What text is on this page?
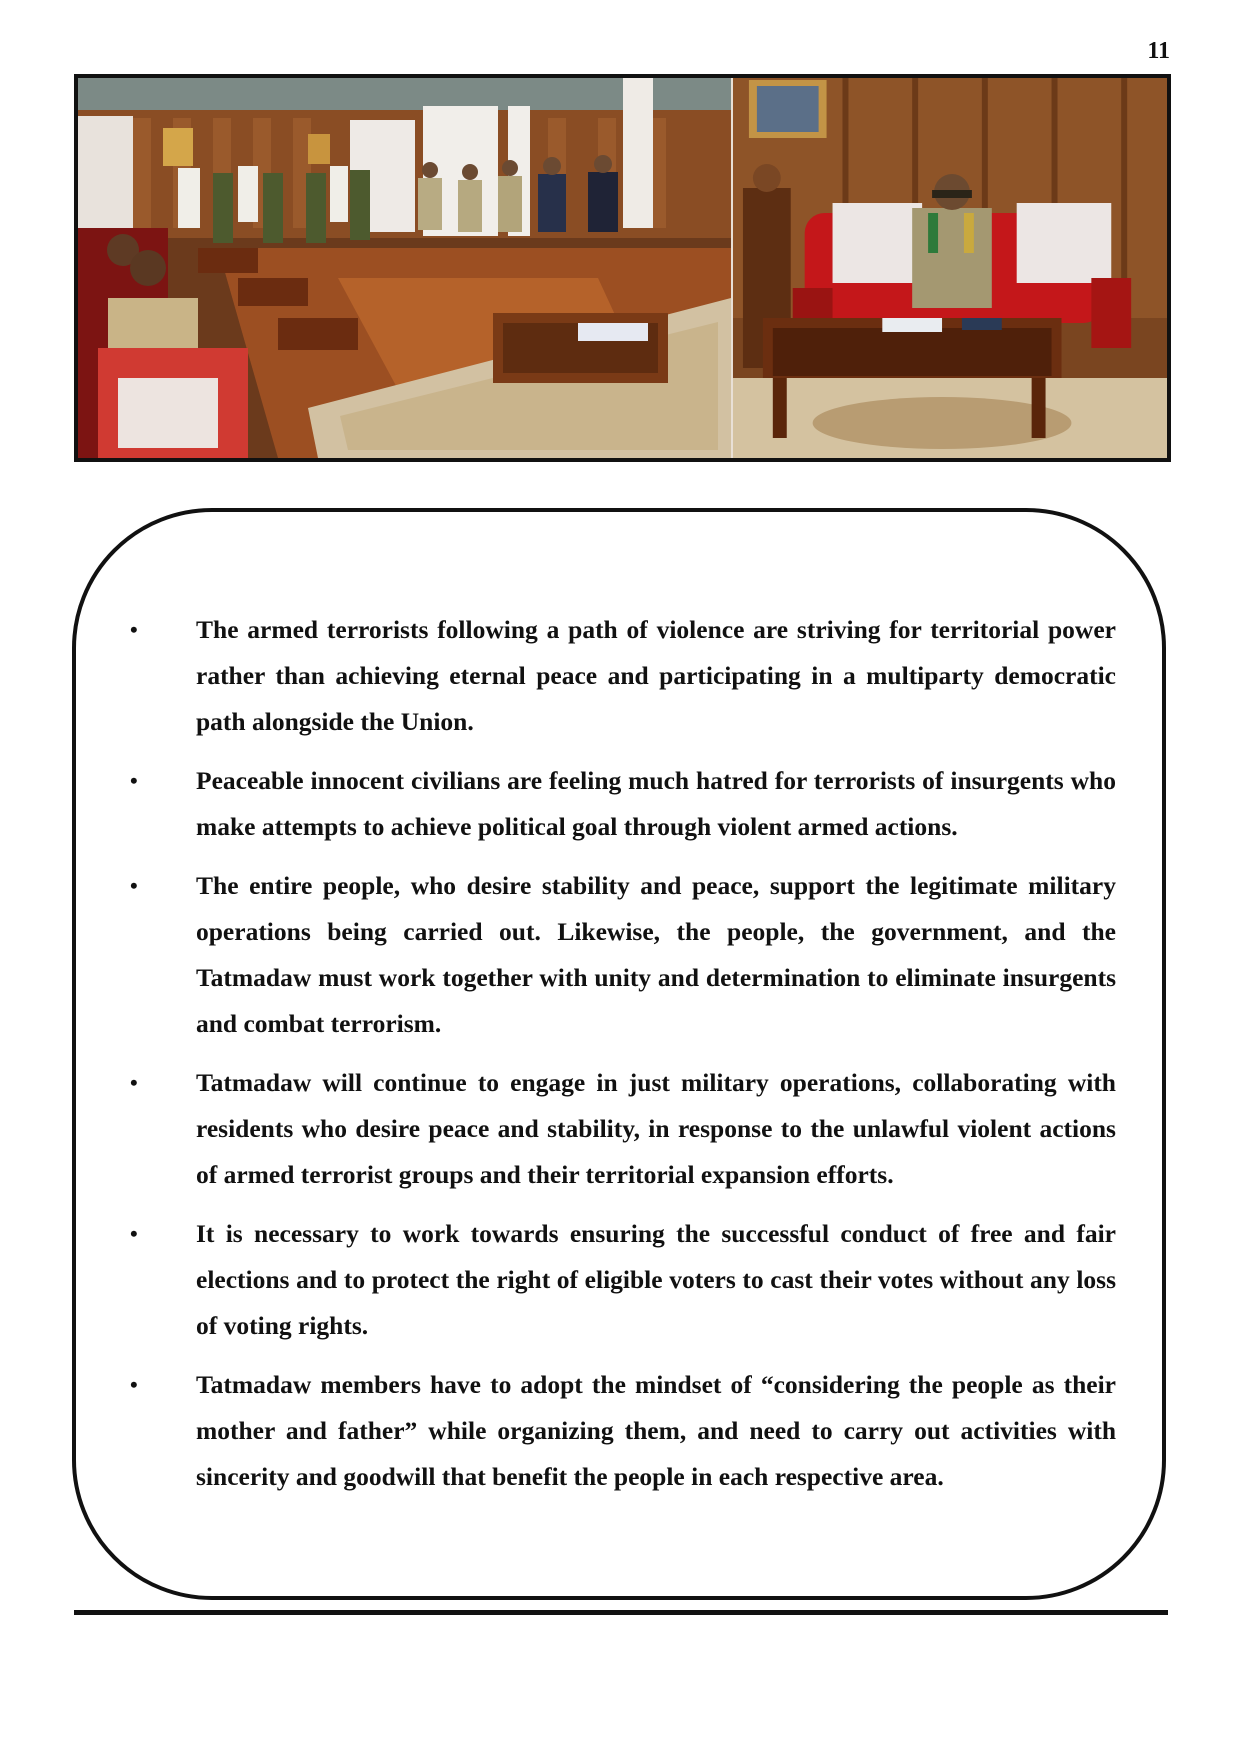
11
• The armed terrorists following a path of violence are striving for territorial power rather than achieving eternal peace and participating in a multiparty democratic path alongside the Union.
• Peaceable innocent civilians are feeling much hatred for terrorists of insurgents who make attempts to achieve political goal through violent armed actions.
• The entire people, who desire stability and peace, support the legitimate military operations being carried out. Likewise, the people, the government, and the Tatmadaw must work together with unity and determination to eliminate insurgents and combat terrorism.
• Tatmadaw will continue to engage in just military operations, collaborating with residents who desire peace and stability, in response to the unlawful violent actions of armed terrorist groups and their territorial expansion efforts.
• It is necessary to work towards ensuring the successful conduct of free and fair elections and to protect the right of eligible voters to cast their votes without any loss of voting rights.
• Tatmadaw members have to adopt the mindset of “considering the people as their mother and father” while organizing them, and need to carry out activities with sincerity and goodwill that benefit the people in each respective area.
